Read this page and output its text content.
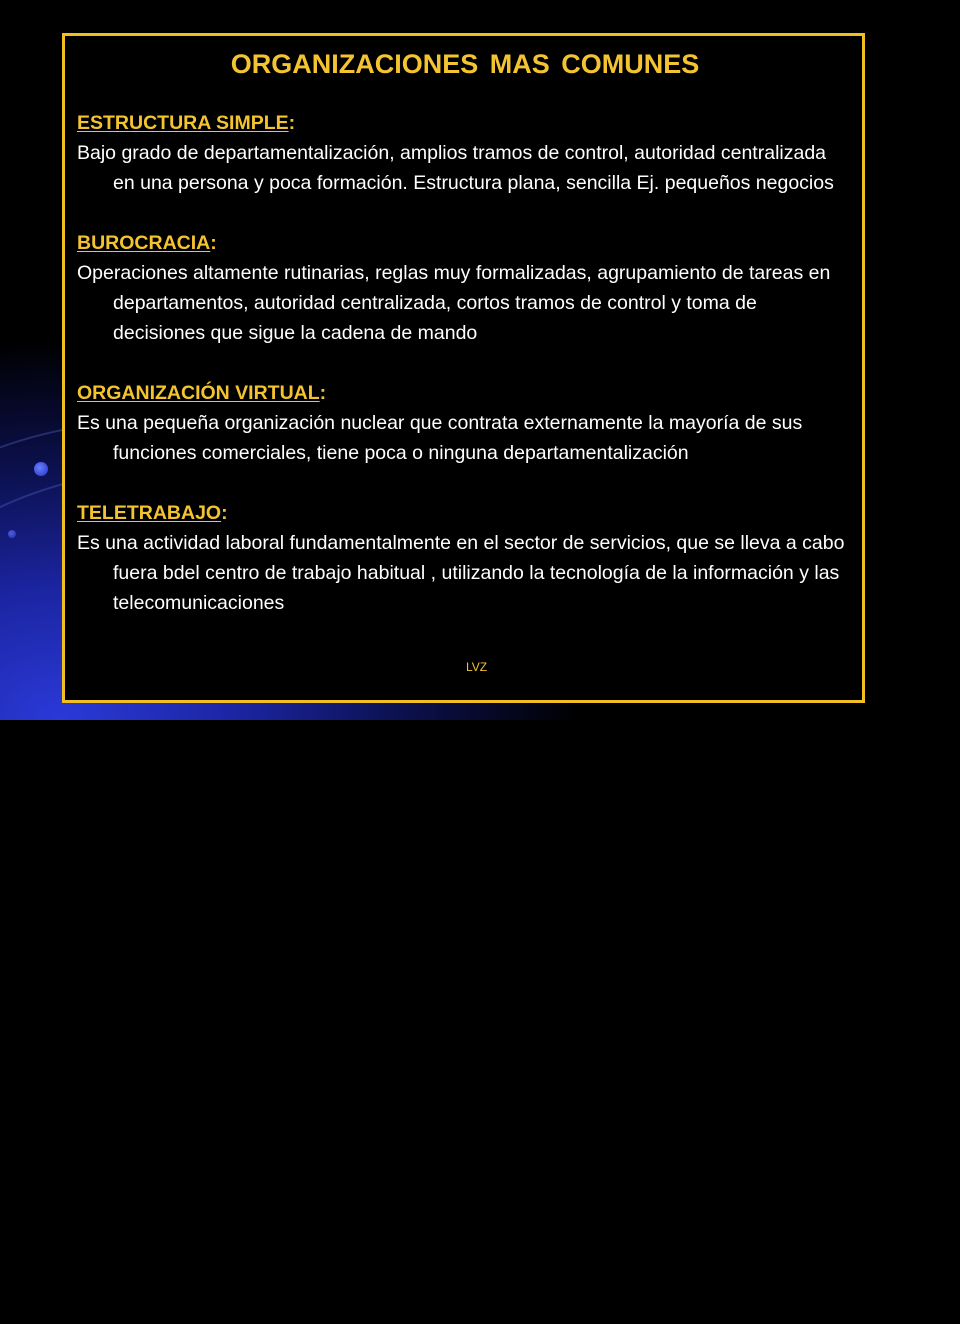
ORGANIZACIONES MAS COMUNES

ESTRUCTURA SIMPLE:

Bajo grado de departamentalización, amplios tramos de control, autoridad centralizada en una persona y poca formación. Estructura plana, sencilla Ej. pequeños negocios

BUROCRACIA:

Operaciones altamente rutinarias, reglas muy formalizadas, agrupamiento de tareas en departamentos, autoridad centralizada, cortos tramos de control y toma de decisiones que sigue la cadena de mando

ORGANIZACIÓN VIRTUAL:

Es una pequeña organización nuclear que contrata externamente la mayoría de sus funciones comerciales, tiene poca o ninguna departamentalización

TELETRABAJO:

Es una actividad laboral fundamentalmente en el sector de servicios, que se lleva a cabo fuera bdel centro de trabajo habitual , utilizando la tecnología de la información y las telecomunicaciones

LVZ
